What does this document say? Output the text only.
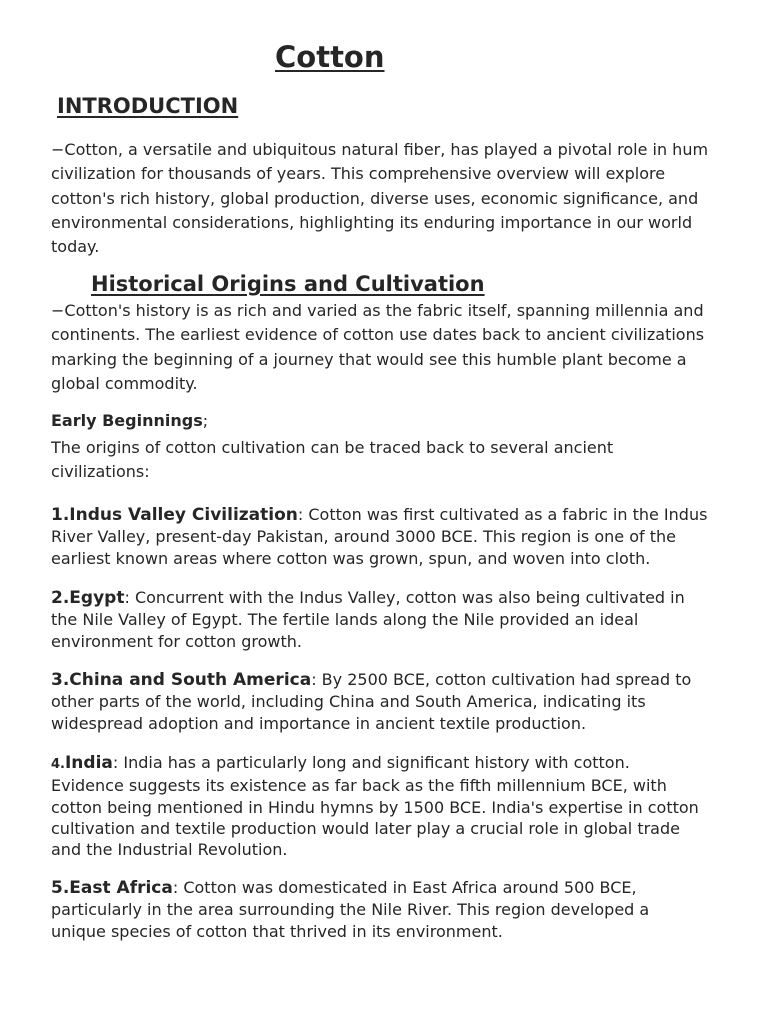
Cotton
INTRODUCTION

−Cotton, a versatile and ubiquitous natural fiber, has played a pivotal role in hum
civilization for thousands of years. This comprehensive overview will explore
cotton's rich history, global production, diverse uses, economic significance, and
environmental considerations, highlighting its enduring importance in our world
today.

Historical Origins and Cultivation

−Cotton's history is as rich and varied as the fabric itself, spanning millennia and
continents. The earliest evidence of cotton use dates back to ancient civilizations
marking the beginning of a journey that would see this humble plant become a
global commodity.

Early Beginnings;

The origins of cotton cultivation can be traced back to several ancient
civilizations:

1.Indus Valley Civilization: Cotton was first cultivated as a fabric in the Indus
River Valley, present-day Pakistan, around 3000 BCE. This region is one of the
earliest known areas where cotton was grown, spun, and woven into cloth.

2.Egypt: Concurrent with the Indus Valley, cotton was also being cultivated in
the Nile Valley of Egypt. The fertile lands along the Nile provided an ideal
environment for cotton growth.

3.China and South America: By 2500 BCE, cotton cultivation had spread to
other parts of the world, including China and South America, indicating its
widespread adoption and importance in ancient textile production.

4.India: India has a particularly long and significant history with cotton.
Evidence suggests its existence as far back as the fifth millennium BCE, with
cotton being mentioned in Hindu hymns by 1500 BCE. India's expertise in cotton
cultivation and textile production would later play a crucial role in global trade
and the Industrial Revolution.

5.East Africa: Cotton was domesticated in East Africa around 500 BCE,
particularly in the area surrounding the Nile River. This region developed a
unique species of cotton that thrived in its environment.
